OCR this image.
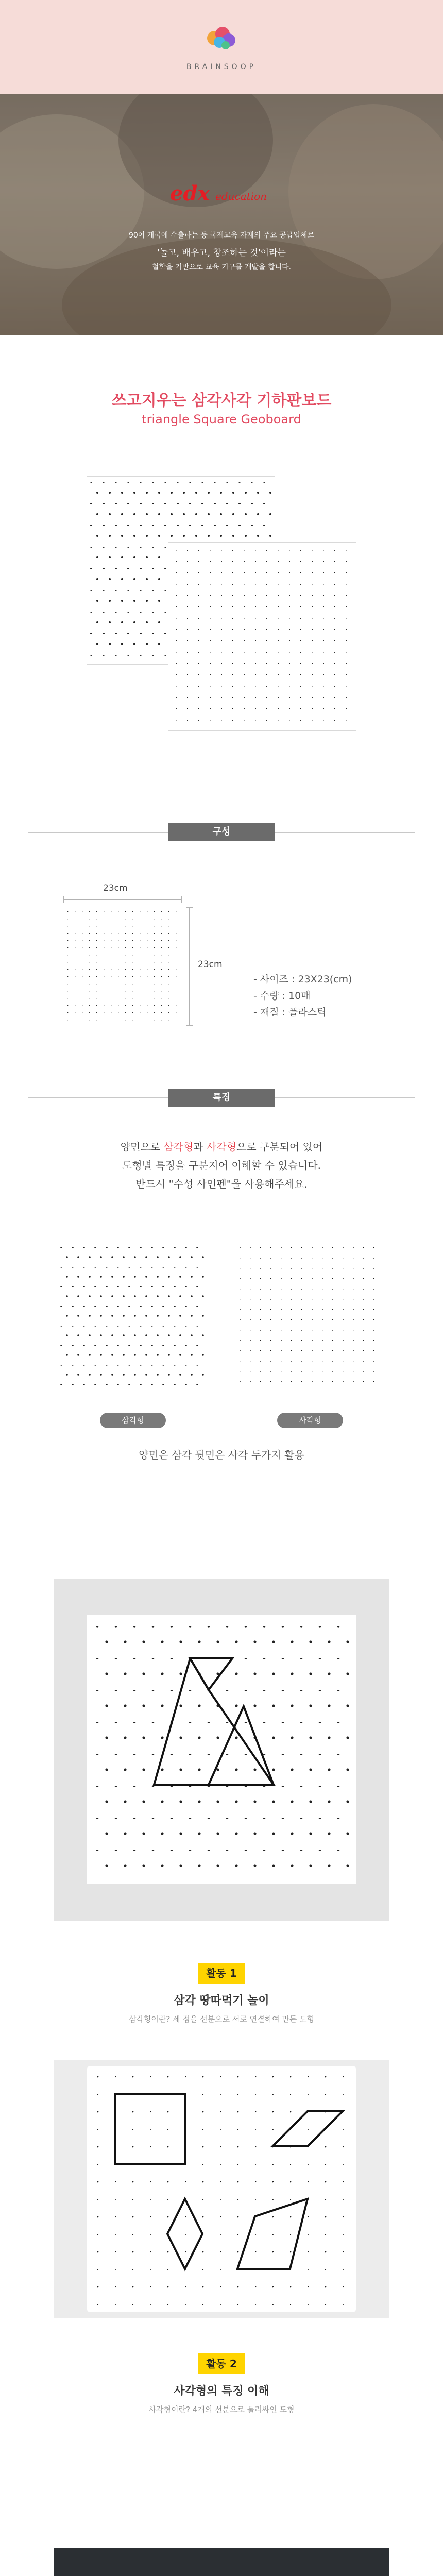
BRAINSOOP
edx education
90여 개국에 수출하는 등 국제교육 자재의 주요 공급업체로
'놀고, 배우고, 창조하는 것'이라는
철학을 기반으로 교육 기구를 개발을 합니다.
쓰고지우는 삼각사각 기하판보드
triangle Square Geoboard
구성
23cm
23cm
- 사이즈 : 23X23(cm)
- 수량 : 10매
- 재질 : 플라스틱
특징
양면으로 삼각형과 사각형으로 구분되어 있어
도형별 특징을 구분지어 이해할 수 있습니다.
반드시 "수성 사인펜"을 사용해주세요.
삼각형	사각형
양면은 삼각 뒷면은 사각 두가지 활용
활동 1
삼각 땅따먹기 놀이
삼각형이란? 세 점을 선분으로 서로 연결하여 만든 도형
활동 2
사각형의 특징 이해
사각형이란? 4개의 선분으로 둘러싸인 도형
